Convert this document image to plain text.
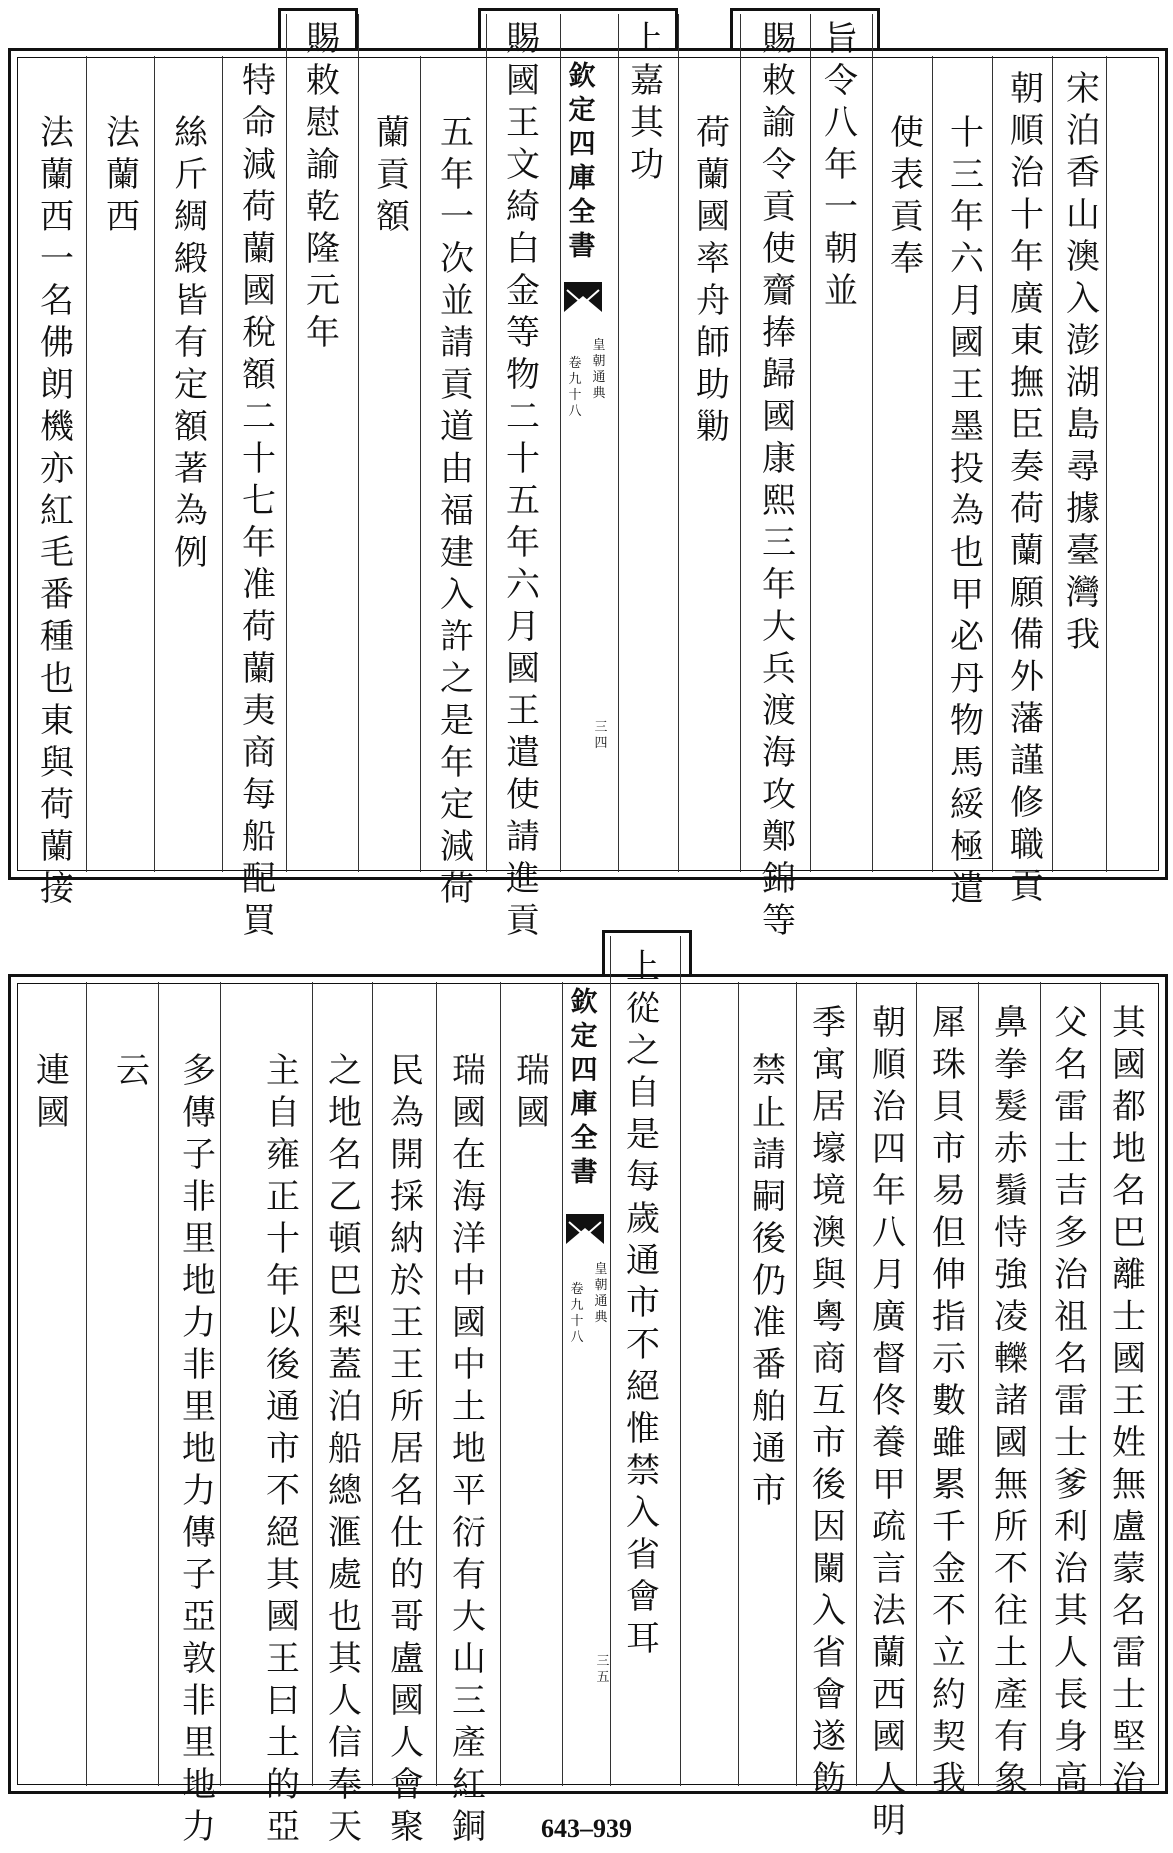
欽
定
四
庫
全
書
皇
朝
通
典
卷
九
十
八
三
四
宋
泊
香
山
澳
入
澎
湖
島
尋
據
臺
灣
我
朝
順
治
十
年
廣
東
撫
臣
奏
荷
蘭
願
備
外
藩
謹
修
職
貢
十
三
年
六
月
國
王
墨
投
為
也
甲
必
丹
物
馬
綏
極
遣
使
表
貢
奉
旨
令
八
年
一
朝
並
賜
敕
諭
令
貢
使
齎
捧
歸
國
康
熙
三
年
大
兵
渡
海
攻
鄭
錦
等
荷
蘭
國
率
舟
師
助
勦
上
嘉
其
功
賜
國
王
文
綺
白
金
等
物
二
十
五
年
六
月
國
王
遣
使
請
進
貢
五
年
一
次
並
請
貢
道
由
福
建
入
許
之
是
年
定
減
荷
蘭
貢
額
賜
敕
慰
諭
乾
隆
元
年
特
命
減
荷
蘭
國
稅
額
二
十
七
年
准
荷
蘭
夷
商
每
船
配
買
絲
斤
綢
緞
皆
有
定
額
著
為
例
法
蘭
西
法
蘭
西
一
名
佛
朗
機
亦
紅
毛
番
種
也
東
與
荷
蘭
接
欽
定
四
庫
全
書
皇
朝
通
典
卷
九
十
八
三
五
其
國
都
地
名
巴
離
士
國
王
姓
無
盧
蒙
名
雷
士
堅
治
父
名
雷
士
吉
多
治
祖
名
雷
士
爹
利
治
其
人
長
身
高
鼻
拳
髮
赤
鬚
恃
強
凌
轢
諸
國
無
所
不
往
土
產
有
象
犀
珠
貝
市
易
但
伸
指
示
數
雖
累
千
金
不
立
約
契
我
朝
順
治
四
年
八
月
廣
督
佟
養
甲
疏
言
法
蘭
西
國
人
明
季
寓
居
壕
境
澳
與
粵
商
互
市
後
因
闌
入
省
會
遂
飭
禁
止
請
嗣
後
仍
准
番
舶
通
市
上
從
之
自
是
每
歲
通
市
不
絕
惟
禁
入
省
會
耳
瑞
國
瑞
國
在
海
洋
中
國
中
土
地
平
衍
有
大
山
三
產
紅
銅
民
為
開
採
納
於
王
王
所
居
名
仕
的
哥
盧
國
人
會
聚
之
地
名
乙
頓
巴
梨
蓋
泊
船
總
滙
處
也
其
人
信
奉
天
主
自
雍
正
十
年
以
後
通
市
不
絕
其
國
王
曰
土
的
亞
多
傳
子
非
里
地
力
非
里
地
力
傳
子
亞
敦
非
里
地
力
云
連
國
643–939
